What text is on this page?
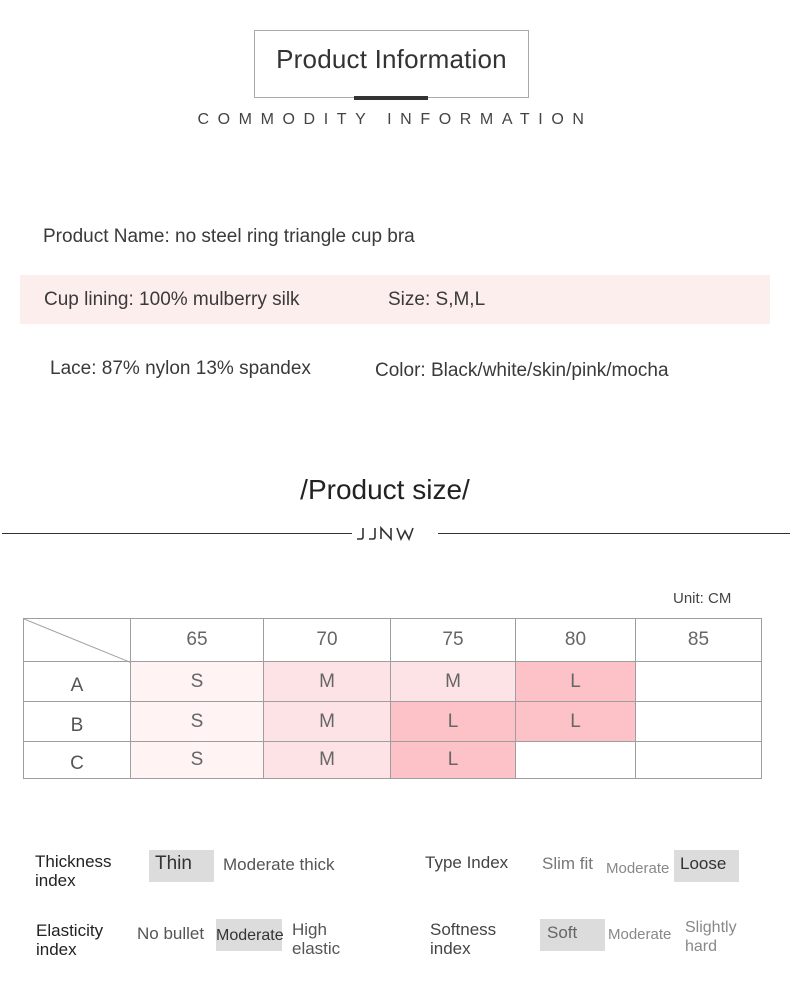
Product Information
COMMODITY INFORMATION
Product Name: no steel ring triangle cup bra
Cup lining: 100% mulberry silk	Size: S,M,L
Lace: 87% nylon 13% spandex	Color: Black/white/skin/pink/mocha
/Product size/
Unit: CM
65	70	75	80	85
A	S	M	M	L
B	S	M	L	L
C	S	M	L
Thickness
index
Thin	Moderate thick	Type Index Slim fit Moderate Loose
Elasticity
index
No bullet Moderate High
elastic
Softness
index
Soft	Moderate Slightly
hard
